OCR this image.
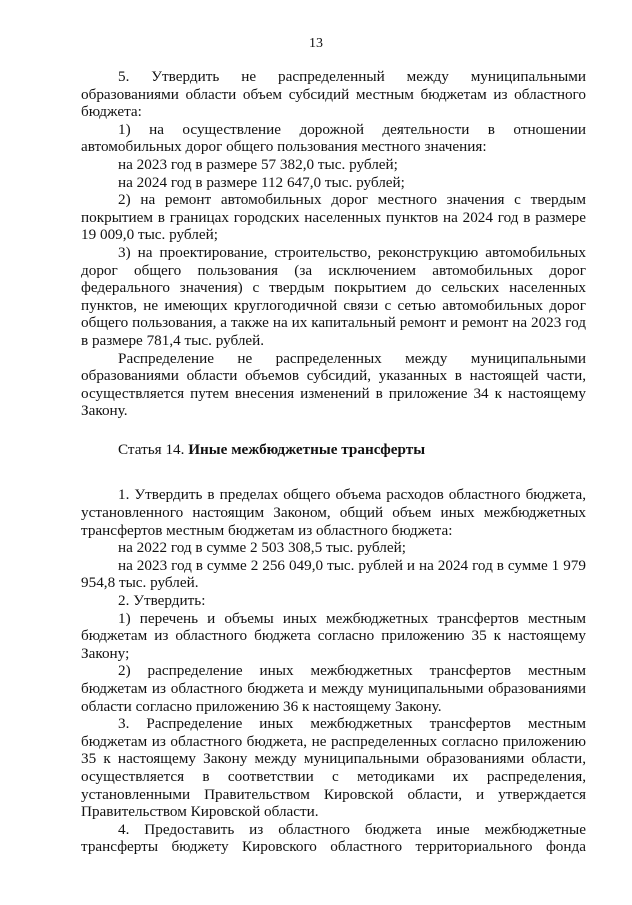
13

5. Утвердить не распределенный между муниципальными образованиями области объем субсидий местным бюджетам из областного бюджета:

1) на осуществление дорожной деятельности в отношении автомобильных дорог общего пользования местного значения:

на 2023 год в размере 57 382,0 тыс. рублей;

на 2024 год в размере 112 647,0 тыс. рублей;

2) на ремонт автомобильных дорог местного значения с твердым покрытием в границах городских населенных пунктов на 2024 год в размере 19 009,0 тыс. рублей;

3) на проектирование, строительство, реконструкцию автомобильных дорог общего пользования (за исключением автомобильных дорог федерального значения) с твердым покрытием до сельских населенных пунктов, не имеющих круглогодичной связи с сетью автомобильных дорог общего пользования, а также на их капитальный ремонт и ремонт на 2023 год в размере 781,4 тыс. рублей.

Распределение не распределенных между муниципальными образованиями области объемов субсидий, указанных в настоящей части, осуществляется путем внесения изменений в приложение 34 к настоящему Закону.

Статья 14. Иные межбюджетные трансферты

1. Утвердить в пределах общего объема расходов областного бюджета, установленного настоящим Законом, общий объем иных межбюджетных трансфертов местным бюджетам из областного бюджета:

на 2022 год в сумме 2 503 308,5 тыс. рублей;

на 2023 год в сумме 2 256 049,0 тыс. рублей и на 2024 год в сумме 1 979 954,8 тыс. рублей.

2. Утвердить:

1) перечень и объемы иных межбюджетных трансфертов местным бюджетам из областного бюджета согласно приложению 35 к настоящему Закону;

2) распределение иных межбюджетных трансфертов местным бюджетам из областного бюджета и между муниципальными образованиями области согласно приложению 36 к настоящему Закону.

3. Распределение иных межбюджетных трансфертов местным бюджетам из областного бюджета, не распределенных согласно приложению 35 к настоящему Закону между муниципальными образованиями области, осуществляется в соответствии с методиками их распределения, установленными Правительством Кировской области, и утверждается Правительством Кировской области.

4. Предоставить из областного бюджета иные межбюджетные трансферты бюджету Кировского областного территориального фонда
